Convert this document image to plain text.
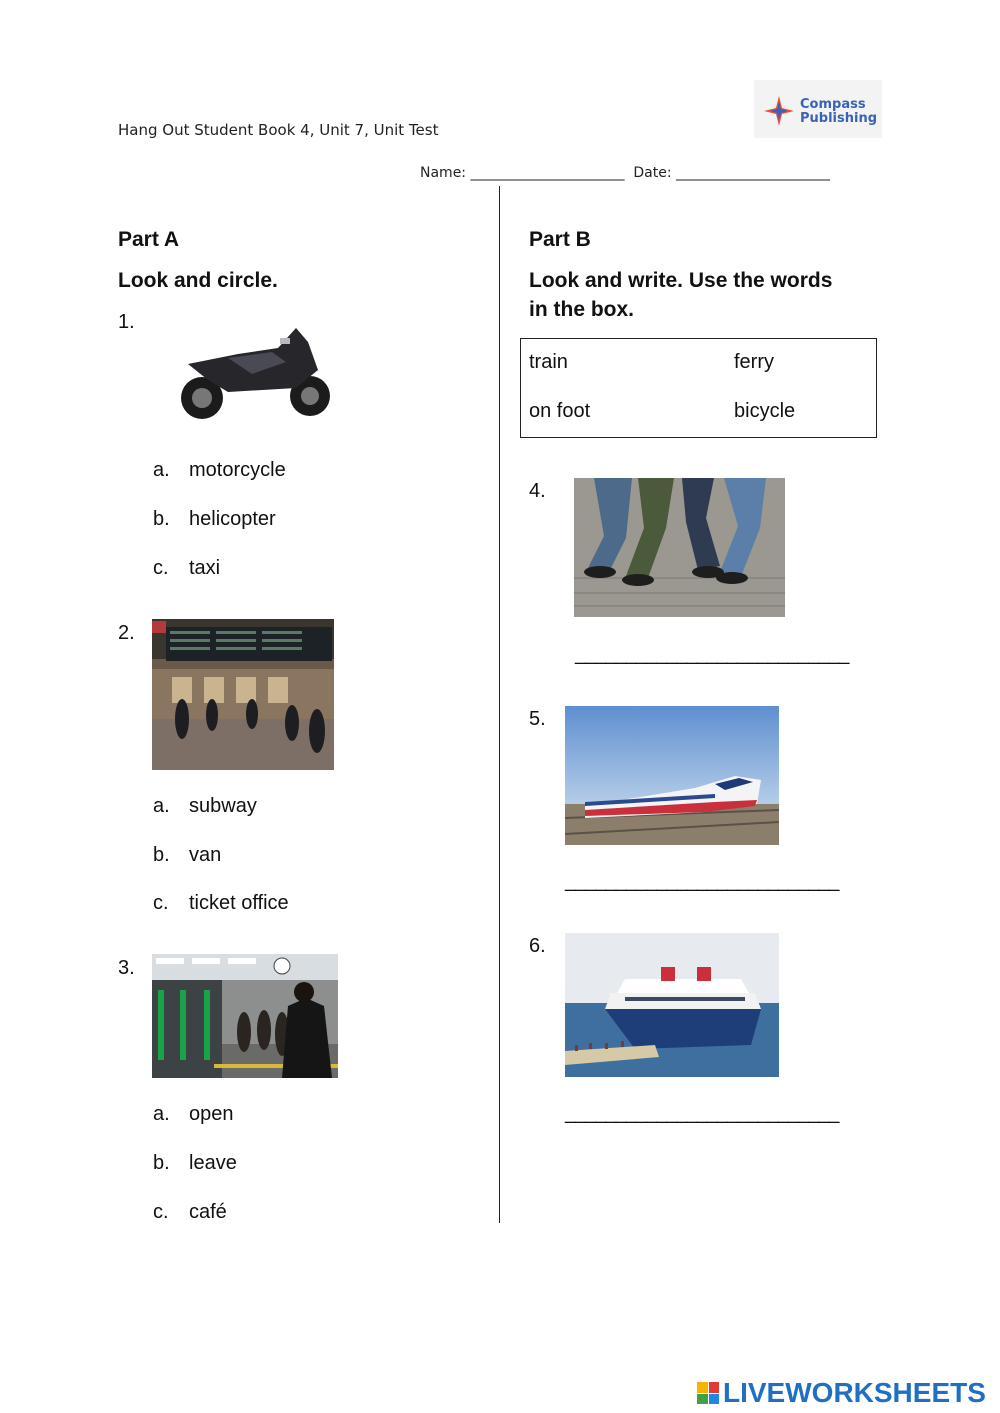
Hang Out Student Book 4, Unit 7, Unit Test
Compass
Publishing
Name: ______________________  Date: ______________________
Part A
Look and circle.
1.
a. motorcycle
b. helicopter
c. taxi
2.
a. subway
b. van
c. ticket office
3.
a. open
b. leave
c. café
Part B
Look and write. Use the words
in the box.
train	ferry
on foot	bicycle
4.
___________________________
5.
___________________________
6.
___________________________
LIVEWORKSHEETS
